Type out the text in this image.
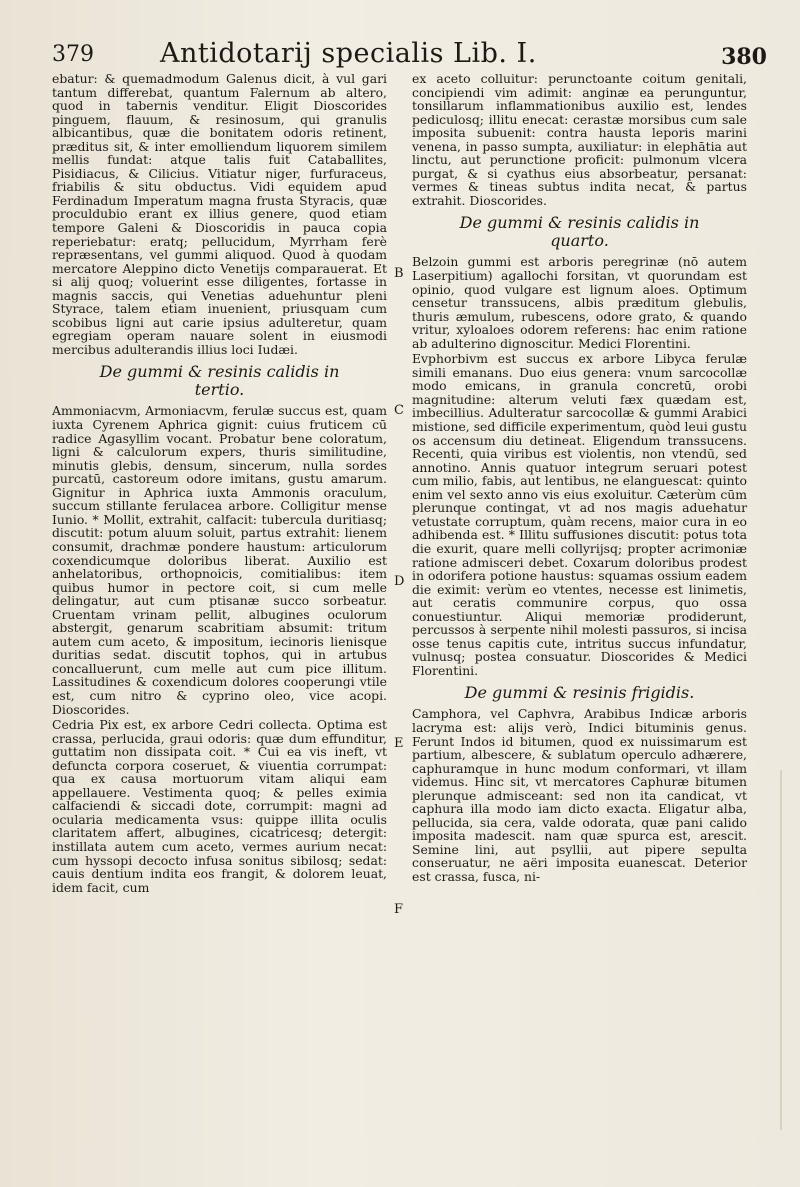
379 Antidotarij specialis Lib. I.	380

ebatur: & quemadmodum Galenus dicit, à vul gari tantum differebat, quantum Falernum ab altero, quod in tabernis venditur. Eligit Dioscorides pinguem, flauum, & resinosum, qui granulis albicantibus, quæ die bonitatem odoris retinent, præditus sit, & inter emolliendum liquorem similem mellis fundat: atque talis fuit Cataballites, Pisidiacus, & Cilicius. Vitiatur niger, furfuraceus, friabilis & situ obductus. Vidi equidem apud Ferdinadum Imperatum magna frusta Styracis, quæ proculdubio erant ex illius genere, quod etiam tempore Galeni & Dioscoridis in pauca copia reperiebatur: eratq; pellucidum, Myrrham ferè repræsentans, vel gummi aliquod. Quod à quodam mercatore Aleppino dicto Venetijs comparauerat. Et si alij quoq; voluerint esse diligentes, fortasse in magnis saccis, qui Venetias aduehuntur pleni Styrace, talem etiam inuenient, priusquam cum scobibus ligni aut carie ipsius adulteretur, quam egregiam operam nauare solent in eiusmodi mercibus adulterandis illius loci Iudæi.

De gummi & resinis calidis in
tertio.

Ammoniacvm, Armoniacvm, ferulæ succus est, quam iuxta Cyrenem Aphrica gignit: cuius fruticem cū radice Agasyllim vocant. Probatur bene coloratum, ligni & calculorum expers, thuris similitudine, minutis glebis, densum, sincerum, nulla sordes purcatū, castoreum odore imitans, gustu amarum. Gignitur in Aphrica iuxta Ammonis oraculum, succum stillante ferulacea arbore. Colligitur mense Iunio. * Mollit, extrahit, calfacit: tubercula duritiasq; discutit: potum aluum soluit, partus extrahit: lienem consumit, drachmæ pondere haustum: articulorum coxendicumque doloribus liberat. Auxilio est anhelatoribus, orthopnoicis, comitialibus: item quibus humor in pectore coit, si cum melle delingatur, aut cum ptisanæ succo sorbeatur. Cruentam vrinam pellit, albugines oculorum abstergit, genarum scabritiam absumit: tritum autem cum aceto, & impositum, iecinoris lienisque duritias sedat. discutit tophos, qui in artubus concalluerunt, cum melle aut cum pice illitum. Lassitudines & coxendicum dolores cooperungi vtile est, cum nitro & cyprino oleo, vice acopi. Dioscorides.

Cedria Pix est, ex arbore Cedri collecta. Optima est crassa, perlucida, graui odoris: quæ dum effunditur, guttatim non dissipata coit. * Cui ea vis ineft, vt defuncta corpora coseruet, & viuentia corrumpat: qua ex causa mortuorum vitam aliqui eam appellauere. Vestimenta quoq; & pelles eximia calfaciendi & siccadi dote, corrumpit: magni ad ocularia medicamenta vsus: quippe illita oculis claritatem affert, albugines, cicatricesq; detergit: instillata autem cum aceto, vermes aurium necat: cum hyssopi decocto infusa sonitus sibilosq; sedat: cauis dentium indita eos frangit, & dolorem leuat, idem facit, cum

ex aceto colluitur: perunctoante coitum genitali, concipiendi vim adimit: anginæ ea perunguntur, tonsillarum inflammationibus auxilio est, lendes pediculosq; illitu enecat: cerastæ morsibus cum sale imposita subuenit: contra hausta leporis marini venena, in passo sumpta, auxiliatur: in elephātia aut linctu, aut perunctione proficit: pulmonum vlcera purgat, & si cyathus eius absorbeatur, persanat: vermes & tineas subtus indita necat, & partus extrahit. Dioscorides.

De gummi & resinis calidis in
quarto.

Belzoin gummi est arboris peregrinæ (nō autem Laserpitium) agallochi forsitan, vt quorundam est opinio, quod vulgare est lignum aloes. Optimum censetur transsucens, albis præditum glebulis, thuris æmulum, rubescens, odore grato, & quando vritur, xyloaloes odorem referens: hac enim ratione ab adulterino dignoscitur. Medici Florentini.

Evphorbivm est succus ex arbore Libyca ferulæ simili emanans. Duo eius genera: vnum sarcocollæ modo emicans, in granula concretū, orobi magnitudine: alterum veluti fæx quædam est, imbecillius. Adulteratur sarcocollæ & gummi Arabici mistione, sed difficile experimentum, quòd leui gustu os accensum diu detineat. Eligendum transsucens. Recenti, quia viribus est violentis, non vtendū, sed annotino. Annis quatuor integrum seruari potest cum milio, fabis, aut lentibus, ne elanguescat: quinto enim vel sexto anno vis eius exoluitur. Cæterùm cūm plerunque contingat, vt ad nos magis aduehatur vetustate corruptum, quàm recens, maior cura in eo adhibenda est. * Illitu suffusiones discutit: potus tota die exurit, quare melli collyrijsq; propter acrimoniæ ratione admisceri debet. Coxarum doloribus prodest in odorifera potione haustus: squamas ossium eadem die eximit: verùm eo vtentes, necesse est linimetis, aut ceratis communire corpus, quo ossa conuestiuntur. Aliqui memoriæ prodiderunt, percussos à serpente nihil molesti passuros, si incisa osse tenus capitis cute, intritus succus infundatur, vulnusq; postea consuatur. Dioscorides & Medici Florentini.

De gummi & resinis frigidis.

Camphora, vel Caphvra, Arabibus Indicæ arboris lacryma est: alijs verò, Indici bituminis genus. Ferunt Indos id bitumen, quod ex nuissimarum est partium, albescere, & sublatum operculo adhærere, caphuramque in hunc modum conformari, vt illam videmus. Hinc sit, vt mercatores Caphuræ bitumen plerunque admisceant: sed non ita candicat, vt caphura illa modo iam dicto exacta. Eligatur alba, pellucida, sia cera, valde odorata, quæ pani calido imposita madescit. nam quæ spurca est, arescit. Semine lini, aut psyllii, aut pipere sepulta conseruatur, ne aëri imposita euanescat. Deterior est crassa, fusca, ni-

B
C
D
E
F
